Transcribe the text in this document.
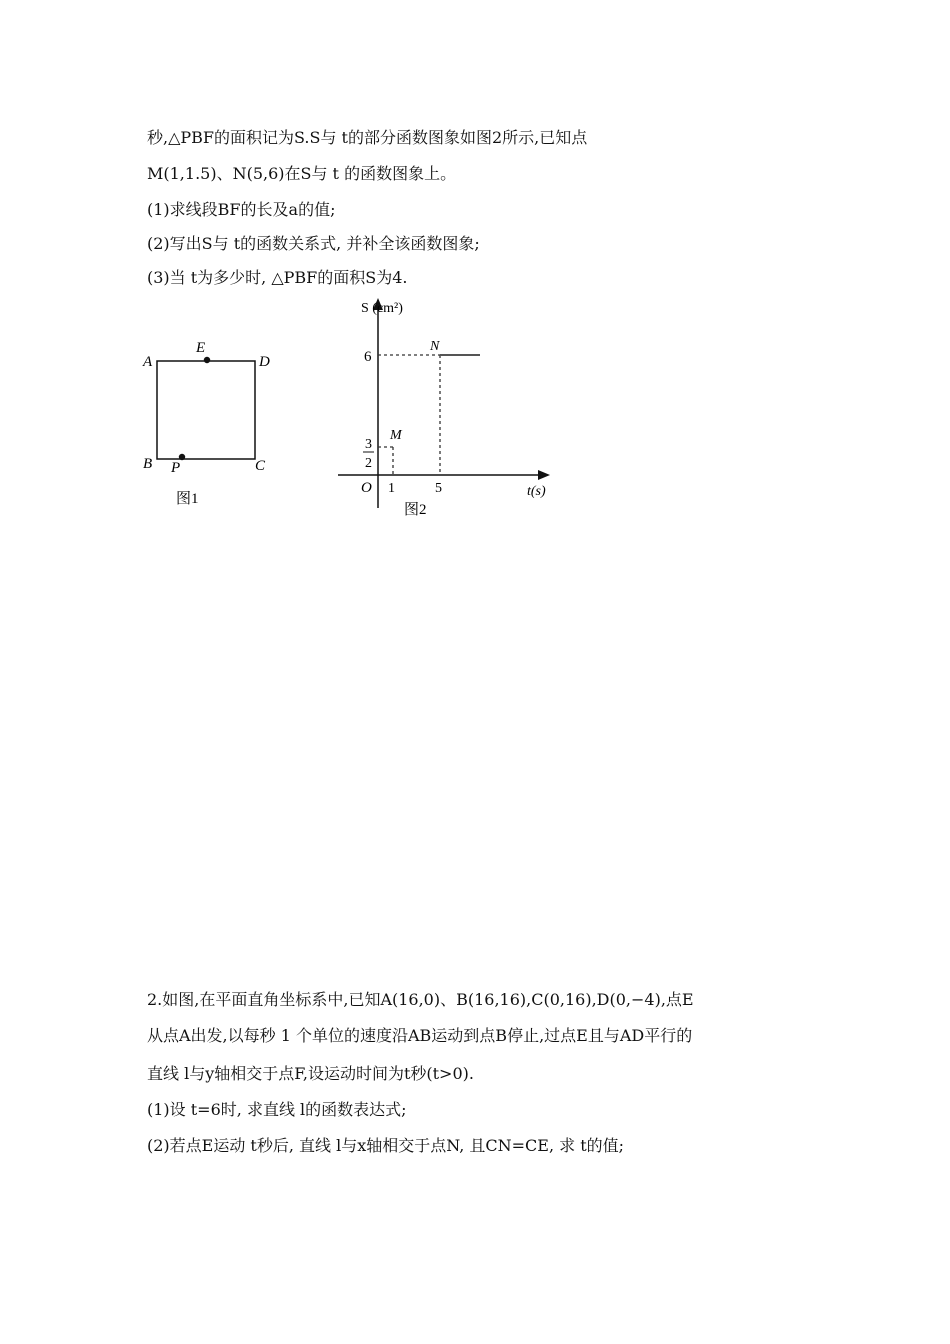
秒,△PBF的面积记为S.S与 t的部分函数图象如图2所示,已知点
M(1,1.5)、N(5,6)在S与 t 的函数图象上。
(1)求线段BF的长及a的值;
(2)写出S与 t的函数关系式, 并补全该函数图象;
(3)当 t为多少时, △PBF的面积S为4.
A
E
D
B P	C
图1
S (cm²)
6
3
2
O 1	5	t(s)
M
N
图2
2.如图,在平面直角坐标系中,已知A(16,0)、B(16,16),C(0,16),D(0,−4),点E
从点A出发,以每秒 1 个单位的速度沿AB运动到点B停止,过点E且与AD平行的
直线 l与y轴相交于点F,设运动时间为t秒(t>0).
(1)设 t=6时, 求直线 l的函数表达式;
(2)若点E运动 t秒后, 直线 l与x轴相交于点N, 且CN=CE, 求 t的值;
